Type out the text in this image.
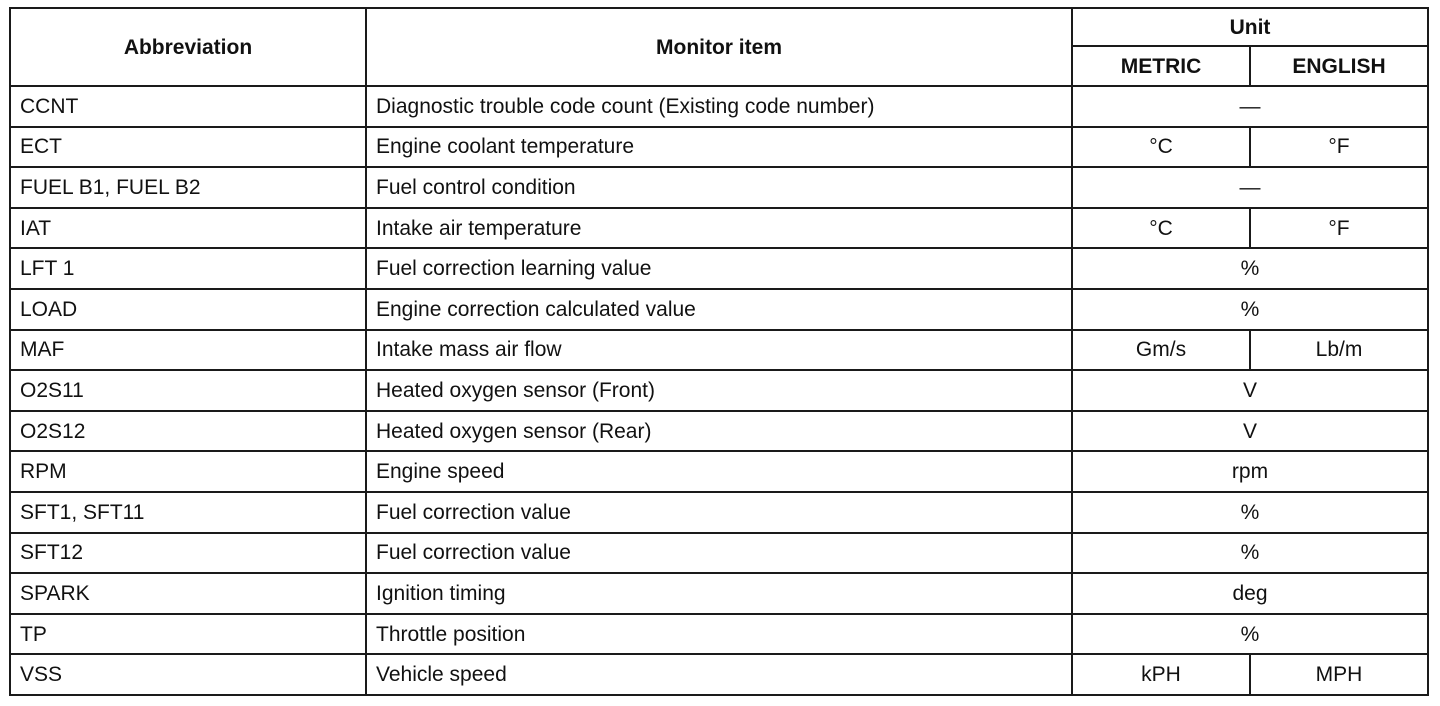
Abbreviation	Monitor item	Unit	
		METRIC	ENGLISH
CCNT	Diagnostic trouble code count (Existing code number)	—	
ECT	Engine coolant temperature	°C	°F
FUEL B1, FUEL B2	Fuel control condition	—	
IAT	Intake air temperature	°C	°F
LFT 1	Fuel correction learning value	%	
LOAD	Engine correction calculated value	%	
MAF	Intake mass air flow	Gm/s	Lb/m
O2S11	Heated oxygen sensor (Front)	V	
O2S12	Heated oxygen sensor (Rear)	V	
RPM	Engine speed	rpm	
SFT1, SFT11	Fuel correction value	%	
SFT12	Fuel correction value	%	
SPARK	Ignition timing	deg	
TP	Throttle position	%	
VSS	Vehicle speed	kPH	MPH
